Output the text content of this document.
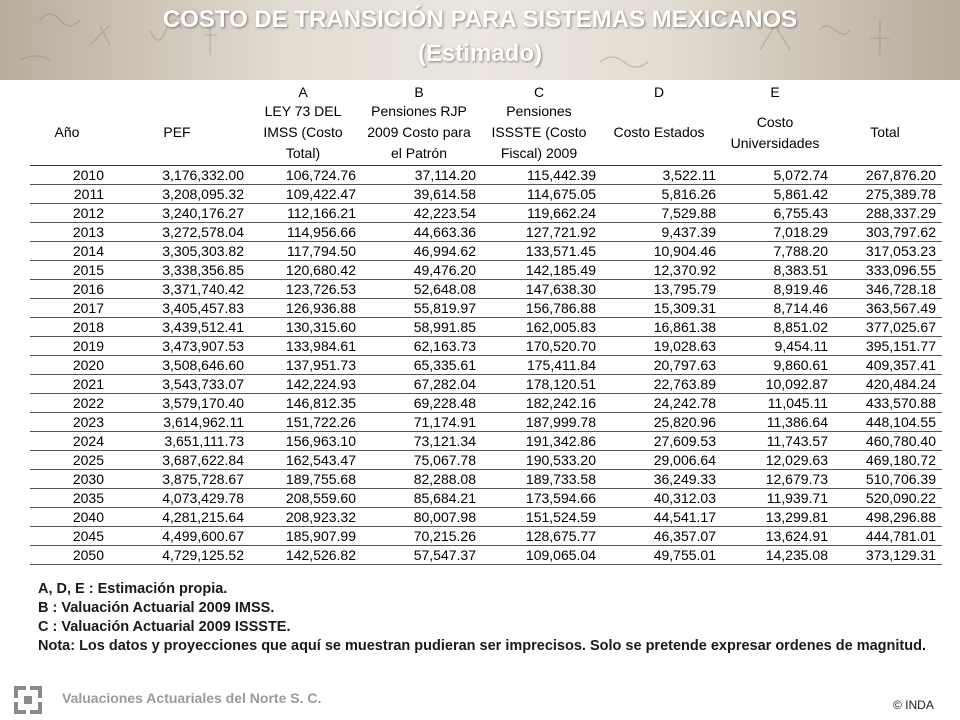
COSTO DE TRANSICIÓN PARA SISTEMAS MEXICANOS
(Estimado)
		A	B	C	D	E	
Año	PEF	LEY 73 DEL IMSS (Costo Total)	Pensiones RJP 2009 Costo para el Patrón	Pensiones ISSSTE (Costo Fiscal) 2009	Costo Estados	Costo Universidades	Total
2010	3,176,332.00	106,724.76	37,114.20	115,442.39	3,522.11	5,072.74	267,876.20
2011	3,208,095.32	109,422.47	39,614.58	114,675.05	5,816.26	5,861.42	275,389.78
2012	3,240,176.27	112,166.21	42,223.54	119,662.24	7,529.88	6,755.43	288,337.29
2013	3,272,578.04	114,956.66	44,663.36	127,721.92	9,437.39	7,018.29	303,797.62
2014	3,305,303.82	117,794.50	46,994.62	133,571.45	10,904.46	7,788.20	317,053.23
2015	3,338,356.85	120,680.42	49,476.20	142,185.49	12,370.92	8,383.51	333,096.55
2016	3,371,740.42	123,726.53	52,648.08	147,638.30	13,795.79	8,919.46	346,728.18
2017	3,405,457.83	126,936.88	55,819.97	156,786.88	15,309.31	8,714.46	363,567.49
2018	3,439,512.41	130,315.60	58,991.85	162,005.83	16,861.38	8,851.02	377,025.67
2019	3,473,907.53	133,984.61	62,163.73	170,520.70	19,028.63	9,454.11	395,151.77
2020	3,508,646.60	137,951.73	65,335.61	175,411.84	20,797.63	9,860.61	409,357.41
2021	3,543,733.07	142,224.93	67,282.04	178,120.51	22,763.89	10,092.87	420,484.24
2022	3,579,170.40	146,812.35	69,228.48	182,242.16	24,242.78	11,045.11	433,570.88
2023	3,614,962.11	151,722.26	71,174.91	187,999.78	25,820.96	11,386.64	448,104.55
2024	3,651,111.73	156,963.10	73,121.34	191,342.86	27,609.53	11,743.57	460,780.40
2025	3,687,622.84	162,543.47	75,067.78	190,533.20	29,006.64	12,029.63	469,180.72
2030	3,875,728.67	189,755.68	82,288.08	189,733.58	36,249.33	12,679.73	510,706.39
2035	4,073,429.78	208,559.60	85,684.21	173,594.66	40,312.03	11,939.71	520,090.22
2040	4,281,215.64	208,923.32	80,007.98	151,524.59	44,541.17	13,299.81	498,296.88
2045	4,499,600.67	185,907.99	70,215.26	128,675.77	46,357.07	13,624.91	444,781.01
2050	4,729,125.52	142,526.82	57,547.37	109,065.04	49,755.01	14,235.08	373,129.31
A, D, E : Estimación propia.
B : Valuación Actuarial 2009 IMSS.
C : Valuación Actuarial 2009 ISSSTE.
Nota: Los datos y proyecciones que aquí se muestran pudieran ser imprecisos. Solo se pretende expresar ordenes de magnitud.
Valuaciones Actuariales del Norte S. C.	© INDA
